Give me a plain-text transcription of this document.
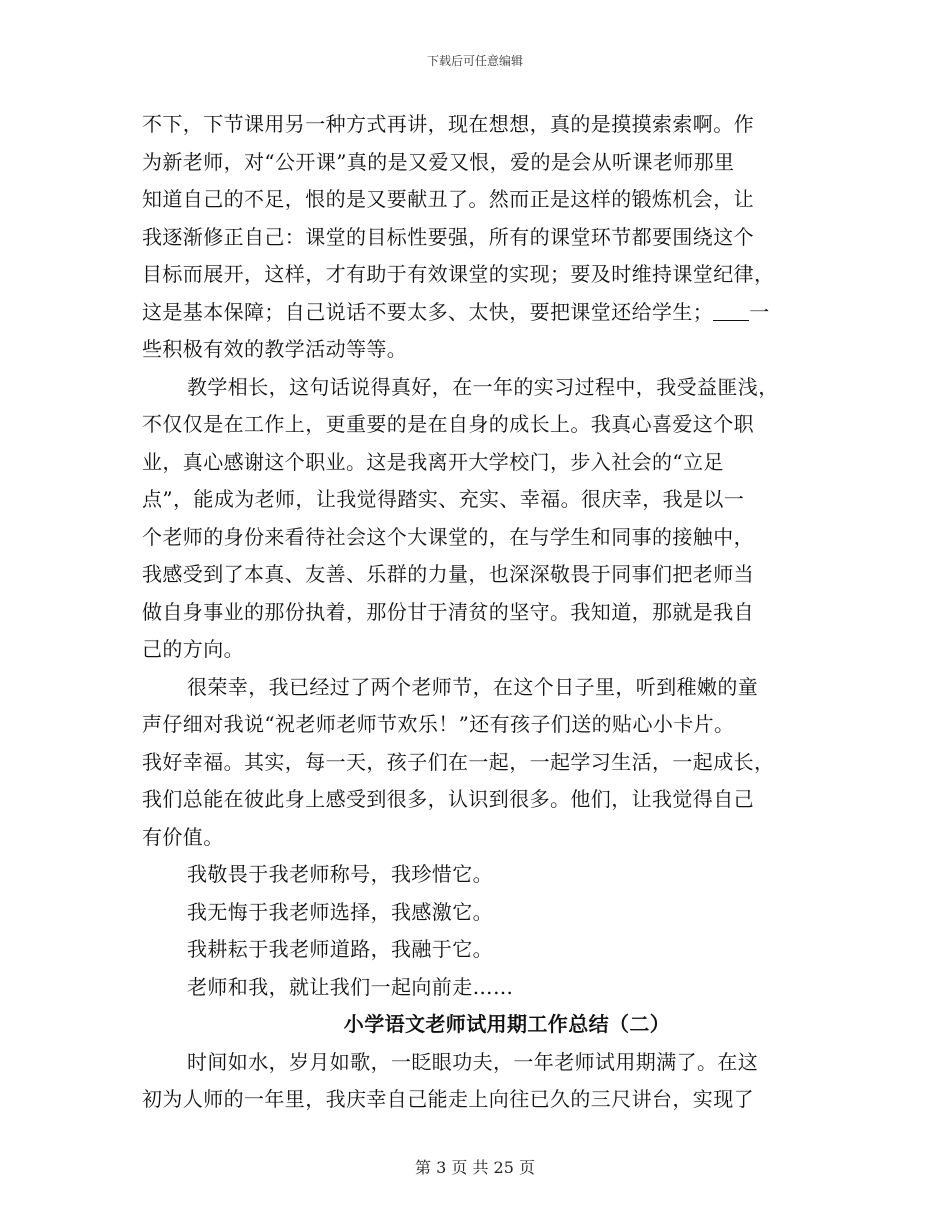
下载后可任意编辑
不下，下节课用另一种方式再讲，现在想想，真的是摸摸索索啊。作
为新老师，对“公开课”真的是又爱又恨，爱的是会从听课老师那里
知道自己的不足，恨的是又要献丑了。然而正是这样的锻炼机会，让
我逐渐修正自己：课堂的目标性要强，所有的课堂环节都要围绕这个
目标而展开，这样，才有助于有效课堂的实现；要及时维持课堂纪律，
这是基本保障；自己说话不要太多、太快，要把课堂还给学生； 一
些积极有效的教学活动等等。
教学相长，这句话说得真好，在一年的实习过程中，我受益匪浅，
不仅仅是在工作上，更重要的是在自身的成长上。我真心喜爱这个职
业，真心感谢这个职业。这是我离开大学校门，步入社会的“立足
点”，能成为老师，让我觉得踏实、充实、幸福。很庆幸，我是以一
个老师的身份来看待社会这个大课堂的，在与学生和同事的接触中，
我感受到了本真、友善、乐群的力量，也深深敬畏于同事们把老师当
做自身事业的那份执着，那份甘于清贫的坚守。我知道，那就是我自
己的方向。
很荣幸，我已经过了两个老师节，在这个日子里，听到稚嫩的童
声仔细对我说“祝老师老师节欢乐！”还有孩子们送的贴心小卡片。
我好幸福。其实，每一天，孩子们在一起，一起学习生活，一起成长，
我们总能在彼此身上感受到很多，认识到很多。他们，让我觉得自己
有价值。
我敬畏于我老师称号，我珍惜它。
我无悔于我老师选择，我感激它。
我耕耘于我老师道路，我融于它。
老师和我，就让我们一起向前走……
小学语文老师试用期工作总结（二）
时间如水，岁月如歌，一眨眼功夫，一年老师试用期满了。在这
初为人师的一年里，我庆幸自己能走上向往已久的三尺讲台，实现了
第 3 页 共 25 页
